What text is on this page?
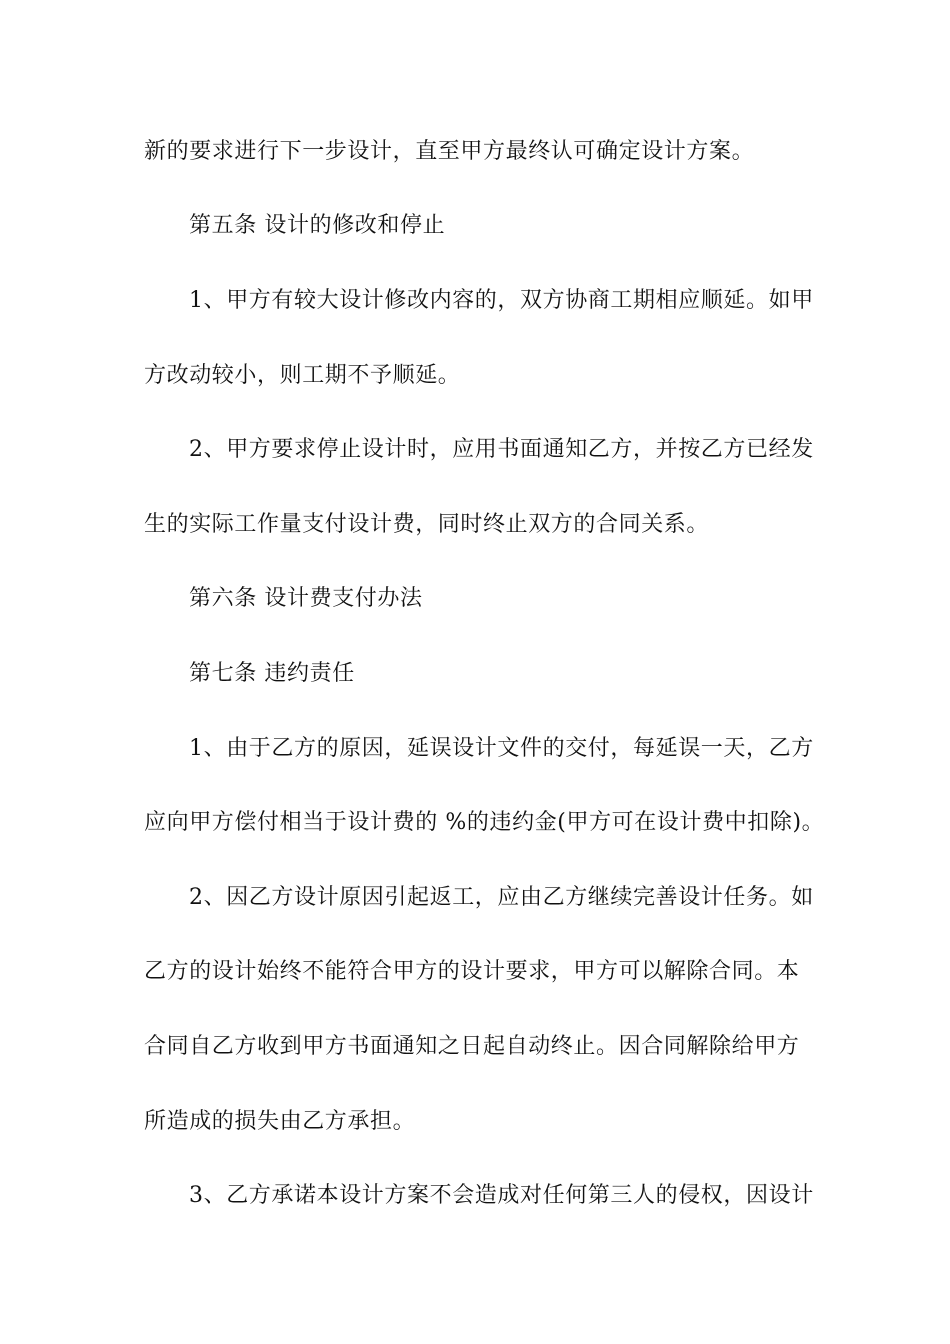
新的要求进行下一步设计，直至甲方最终认可确定设计方案。

第五条 设计的修改和停止

1、甲方有较大设计修改内容的，双方协商工期相应顺延。如甲

方改动较小，则工期不予顺延。

2、甲方要求停止设计时，应用书面通知乙方，并按乙方已经发

生的实际工作量支付设计费，同时终止双方的合同关系。

第六条 设计费支付办法

第七条 违约责任

1、由于乙方的原因，延误设计文件的交付，每延误一天，乙方

应向甲方偿付相当于设计费的 %的违约金(甲方可在设计费中扣除)。

2、因乙方设计原因引起返工，应由乙方继续完善设计任务。如

乙方的设计始终不能符合甲方的设计要求，甲方可以解除合同。本

合同自乙方收到甲方书面通知之日起自动终止。因合同解除给甲方

所造成的损失由乙方承担。

3、乙方承诺本设计方案不会造成对任何第三人的侵权，因设计
